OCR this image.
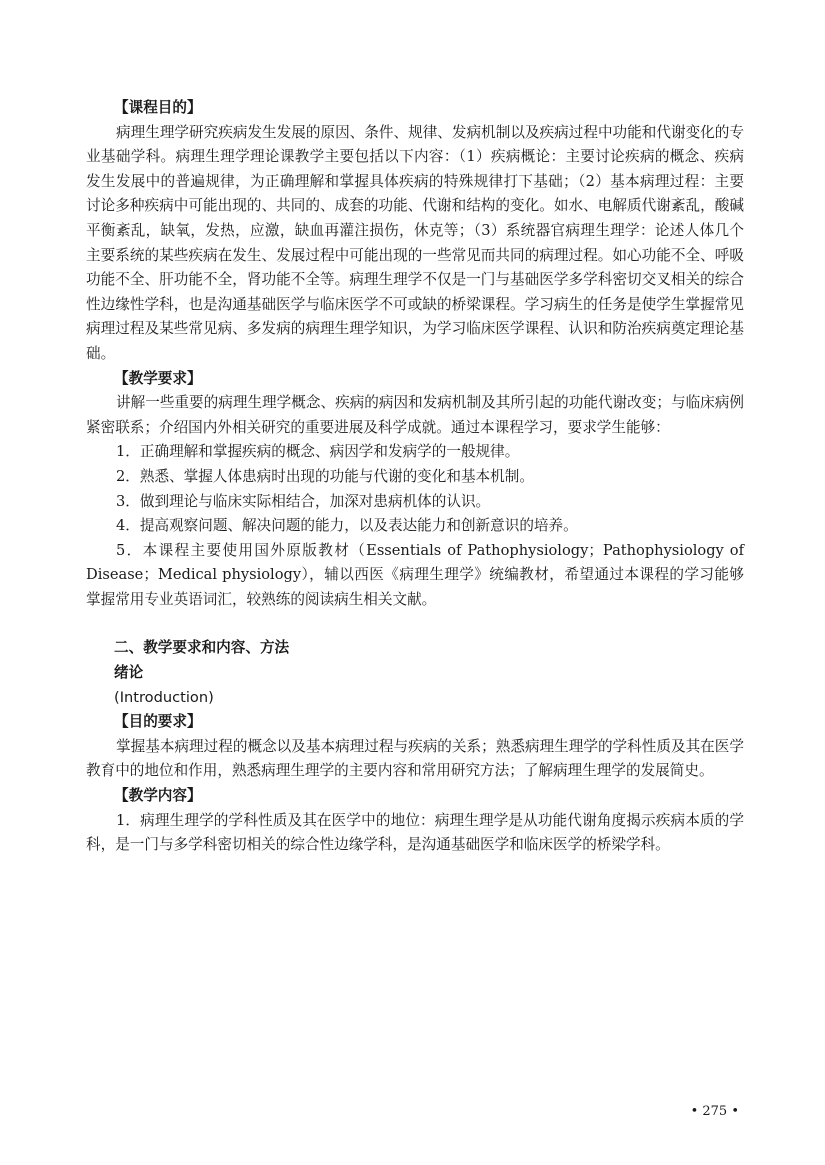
【课程目的】

病理生理学研究疾病发生发展的原因、条件、规律、发病机制以及疾病过程中功能和代谢变化的专业基础学科。病理生理学理论课教学主要包括以下内容：（1）疾病概论：主要讨论疾病的概念、疾病发生发展中的普遍规律，为正确理解和掌握具体疾病的特殊规律打下基础；（2）基本病理过程：主要讨论多种疾病中可能出现的、共同的、成套的功能、代谢和结构的变化。如水、电解质代谢紊乱，酸碱平衡紊乱，缺氧，发热，应激，缺血再灌注损伤，休克等；（3）系统器官病理生理学：论述人体几个主要系统的某些疾病在发生、发展过程中可能出现的一些常见而共同的病理过程。如心功能不全、呼吸功能不全、肝功能不全，肾功能不全等。病理生理学不仅是一门与基础医学多学科密切交叉相关的综合性边缘性学科，也是沟通基础医学与临床医学不可或缺的桥梁课程。学习病生的任务是使学生掌握常见病理过程及某些常见病、多发病的病理生理学知识，为学习临床医学课程、认识和防治疾病奠定理论基础。

【教学要求】

讲解一些重要的病理生理学概念、疾病的病因和发病机制及其所引起的功能代谢改变；与临床病例紧密联系；介绍国内外相关研究的重要进展及科学成就。通过本课程学习，要求学生能够：

1．正确理解和掌握疾病的概念、病因学和发病学的一般规律。

2．熟悉、掌握人体患病时出现的功能与代谢的变化和基本机制。

3．做到理论与临床实际相结合，加深对患病机体的认识。

4．提高观察问题、解决问题的能力，以及表达能力和创新意识的培养。

5．本课程主要使用国外原版教材（Essentials of Pathophysiology；Pathophysiology of Disease；Medical physiology），辅以西医《病理生理学》统编教材，希望通过本课程的学习能够掌握常用专业英语词汇，较熟练的阅读病生相关文献。

二、教学要求和内容、方法
绪论
(Introduction)
【目的要求】

掌握基本病理过程的概念以及基本病理过程与疾病的关系；熟悉病理生理学的学科性质及其在医学教育中的地位和作用，熟悉病理生理学的主要内容和常用研究方法；了解病理生理学的发展简史。

【教学内容】

1．病理生理学的学科性质及其在医学中的地位：病理生理学是从功能代谢角度揭示疾病本质的学科，是一门与多学科密切相关的综合性边缘学科，是沟通基础医学和临床医学的桥梁学科。

• 275 •
